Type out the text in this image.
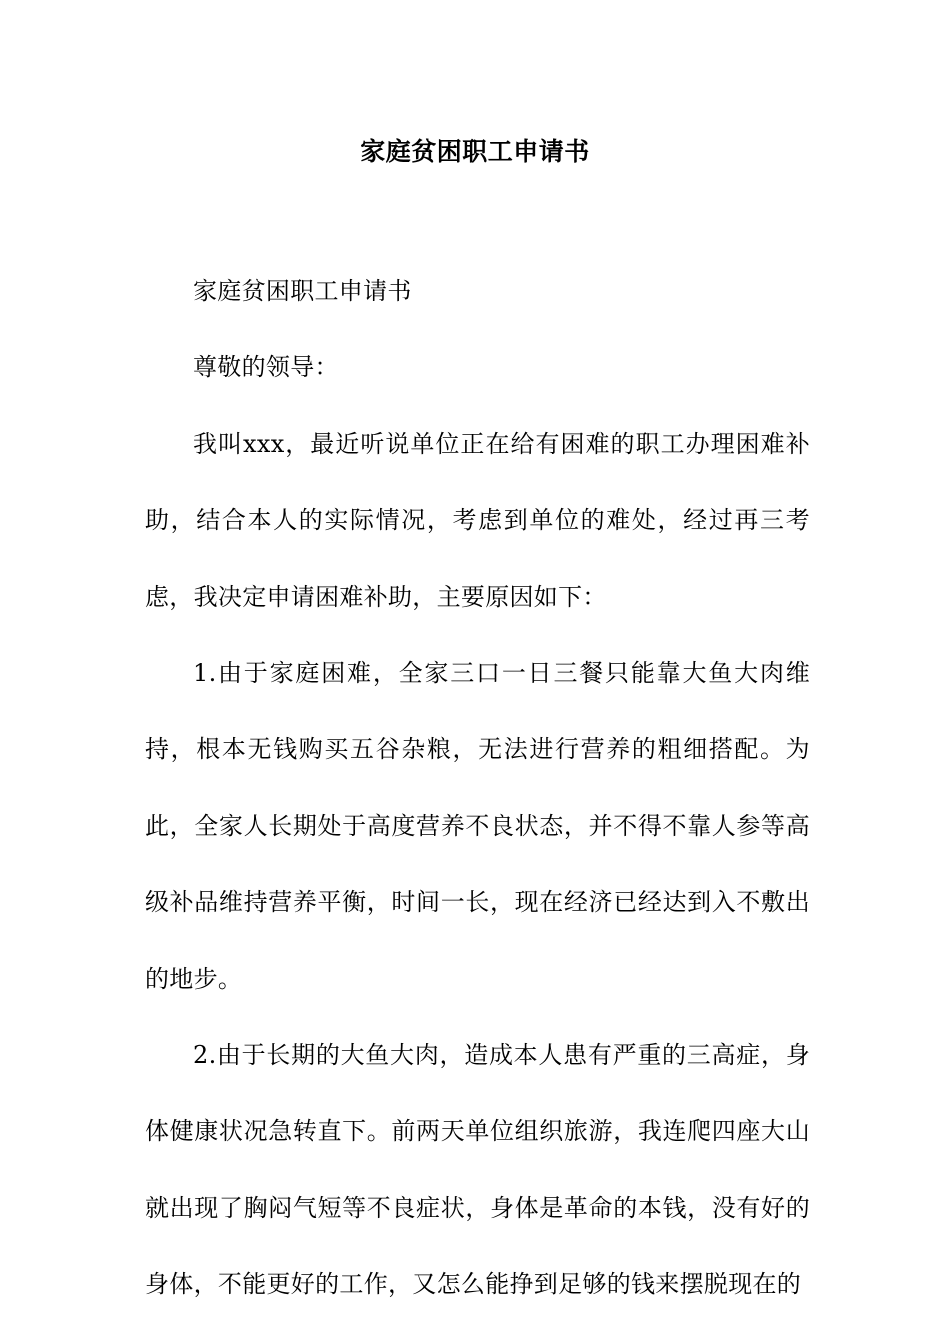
家庭贫困职工申请书

家庭贫困职工申请书

尊敬的领导：

我叫xxx，最近听说单位正在给有困难的职工办理困难补助，结合本人的实际情况，考虑到单位的难处，经过再三考虑，我决定申请困难补助，主要原因如下：

1.由于家庭困难，全家三口一日三餐只能靠大鱼大肉维持，根本无钱购买五谷杂粮，无法进行营养的粗细搭配。为此，全家人长期处于高度营养不良状态，并不得不靠人参等高级补品维持营养平衡，时间一长，现在经济已经达到入不敷出的地步。

2.由于长期的大鱼大肉，造成本人患有严重的三高症，身体健康状况急转直下。前两天单位组织旅游，我连爬四座大山就出现了胸闷气短等不良症状，身体是革命的本钱，没有好的身体，不能更好的工作，又怎么能挣到足够的钱来摆脱现在的
